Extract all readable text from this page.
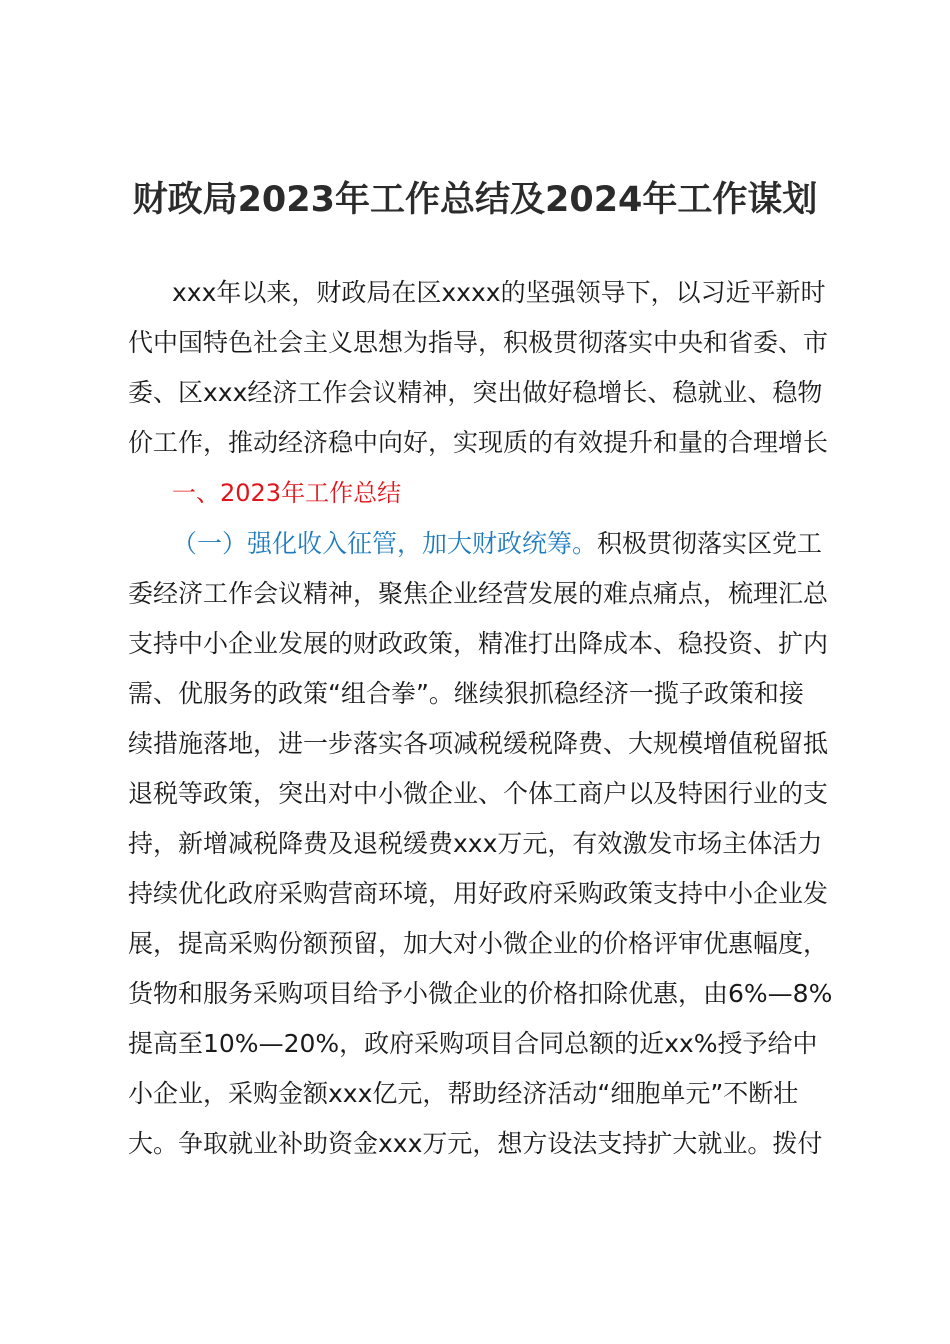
财政局2023年工作总结及2024年工作谋划
xxx年以来，财政局在区xxxx的坚强领导下，以习近平新时
代中国特色社会主义思想为指导，积极贯彻落实中央和省委、市
委、区xxx经济工作会议精神，突出做好稳增长、稳就业、稳物
价工作，推动经济稳中向好，实现质的有效提升和量的合理增长
一、2023年工作总结
（一）强化收入征管，加大财政统筹。积极贯彻落实区党工
委经济工作会议精神，聚焦企业经营发展的难点痛点，梳理汇总
支持中小企业发展的财政政策，精准打出降成本、稳投资、扩内
需、优服务的政策“组合拳”。继续狠抓稳经济一揽子政策和接
续措施落地，进一步落实各项减税缓税降费、大规模增值税留抵
退税等政策，突出对中小微企业、个体工商户以及特困行业的支
持，新增减税降费及退税缓费xxx万元，有效激发市场主体活力
持续优化政府采购营商环境，用好政府采购政策支持中小企业发
展，提高采购份额预留，加大对小微企业的价格评审优惠幅度，
货物和服务采购项目给予小微企业的价格扣除优惠，由6%—8%
提高至10%—20%，政府采购项目合同总额的近xx%授予给中
小企业，采购金额xxx亿元，帮助经济活动“细胞单元”不断壮
大。争取就业补助资金xxx万元，想方设法支持扩大就业。拨付
